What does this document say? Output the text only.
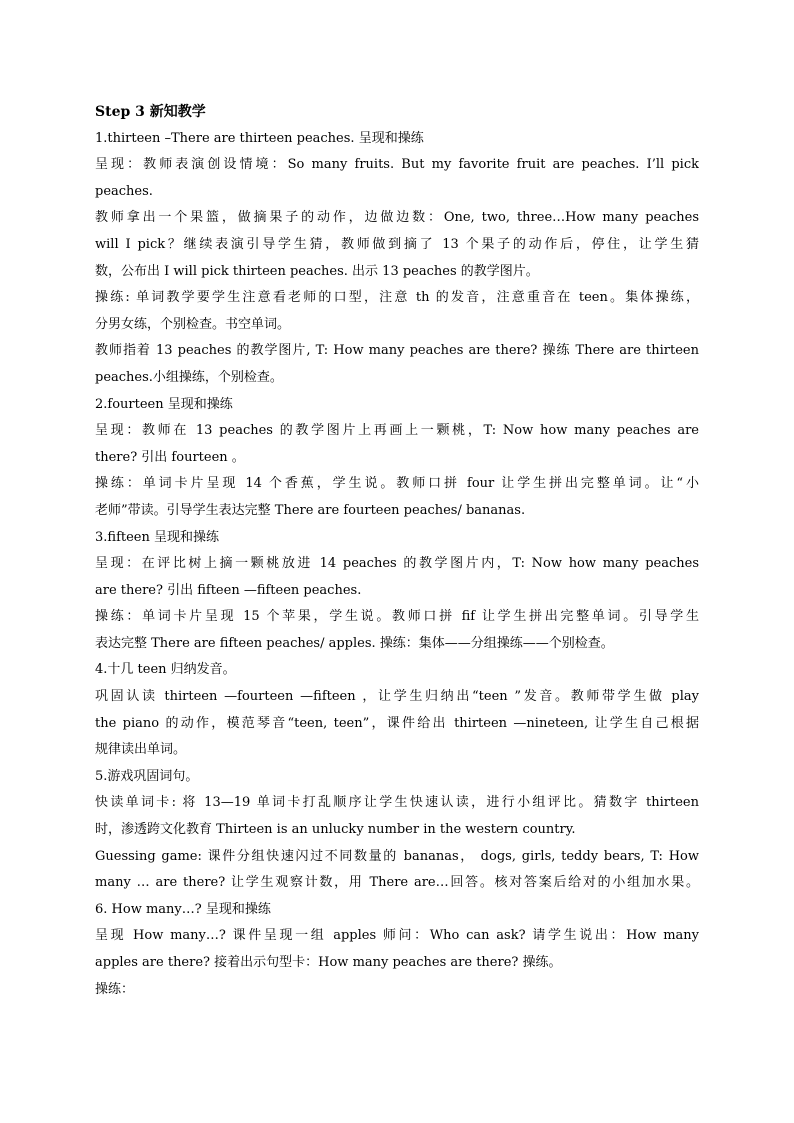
Step 3 新知教学
1.thirteen –There are thirteen peaches. 呈现和操练
呈现：教师表演创设情境：So many fruits. But my favorite fruit are peaches. I’ll pick
peaches.
教师拿出一个果篮，做摘果子的动作，边做边数：One, two, three…How many peaches
will I pick？继续表演引导学生猜，教师做到摘了 13 个果子的动作后，停住，让学生猜
数，公布出 I will pick thirteen peaches. 出示 13 peaches 的教学图片。
操练: 单词教学要学生注意看老师的口型，注意 th 的发音，注意重音在 teen。集体操练，
分男女练，个别检查。书空单词。
教师指着 13 peaches 的教学图片, T: How many peaches are there? 操练 There are thirteen
peaches.小组操练，个别检查。
2.fourteen 呈现和操练
呈现：教师在 13 peaches 的教学图片上再画上一颗桃，T: Now how many peaches are
there? 引出 fourteen 。
操练：单词卡片呈现 14 个香蕉，学生说。教师口拼 four 让学生拼出完整单词。让“小
老师”带读。引导学生表达完整 There are fourteen peaches/ bananas.
3.fifteen 呈现和操练
呈现：在评比树上摘一颗桃放进 14 peaches 的教学图片内，T: Now how many peaches
are there? 引出 fifteen —fifteen peaches.
操练：单词卡片呈现 15 个苹果，学生说。教师口拼 fif 让学生拼出完整单词。引导学生
表达完整 There are fifteen peaches/ apples. 操练：集体——分组操练——个别检查。
4.十几 teen 归纳发音。
巩固认读 thirteen —fourteen —fifteen ，让学生归纳出“teen ”发音。教师带学生做 play
the piano 的动作，模范琴音“teen, teen”，课件给出 thirteen —nineteen, 让学生自己根据
规律读出单词。
5.游戏巩固词句。
快读单词卡: 将 13—19 单词卡打乱顺序让学生快速认读，进行小组评比。猜数字 thirteen
时，渗透跨文化教育 Thirteen is an unlucky number in the western country.
Guessing game: 课件分组快速闪过不同数量的 bananas， dogs, girls, teddy bears, T: How
many … are there? 让学生观察计数，用 There are…回答。核对答案后给对的小组加水果。
6. How many…? 呈现和操练
呈现 How many…? 课件呈现一组 apples 师问：Who can ask? 请学生说出：How many
apples are there? 接着出示句型卡：How many peaches are there? 操练。
操练：
